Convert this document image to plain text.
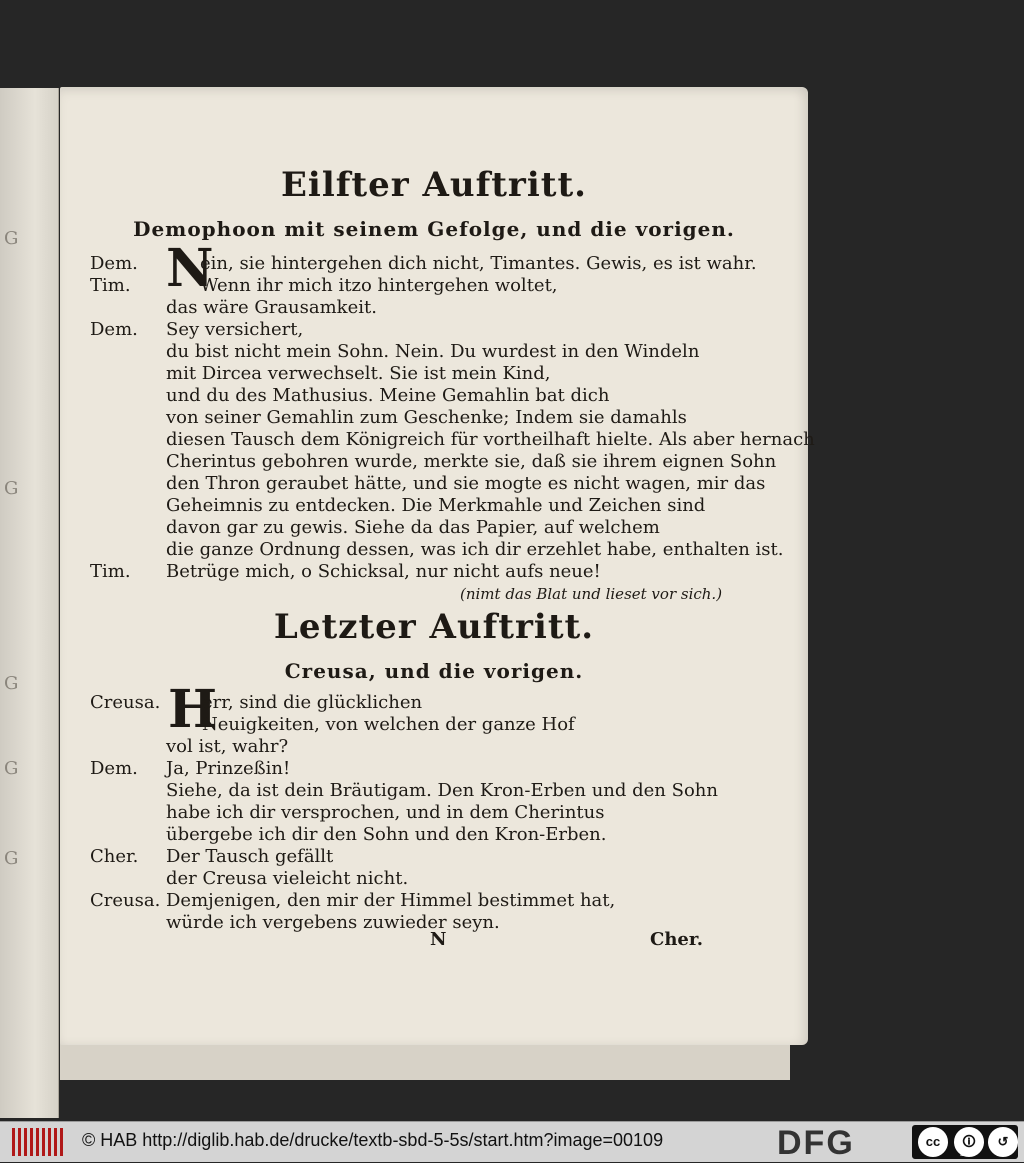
G
G
G
G
G
Eilfter Auftritt.
Demophoon mit seinem Gefolge, und die vorigen.
Dem. N
ein, sie hintergehen dich nicht, Timantes. Gewis, es ist wahr.
Tim.	Wenn ihr mich itzo hintergehen woltet,
das wäre Grausamkeit.
Dem. Sey versichert,
du bist nicht mein Sohn. Nein. Du wurdest in den Windeln
mit Dircea verwechselt. Sie ist mein Kind,
und du des Mathusius. Meine Gemahlin bat dich
von seiner Gemahlin zum Geschenke; Indem sie damahls
diesen Tausch dem Königreich für vortheilhaft hielte. Als aber hernach
Cherintus gebohren wurde, merkte sie, daß sie ihrem eignen Sohn
den Thron geraubet hätte, und sie mogte es nicht wagen, mir das
Geheimnis zu entdecken. Die Merkmahle und Zeichen sind
davon gar zu gewis. Siehe da das Papier, auf welchem
die ganze Ordnung dessen, was ich dir erzehlet habe, enthalten ist.
Tim. Betrüge mich, o Schicksal, nur nicht aufs neue!
(nimt das Blat und lieset vor sich.)
Letzter Auftritt.
Creusa, und die vorigen.
Creusa. H
err, sind die glücklichen
Neuigkeiten, von welchen der ganze Hof
vol ist, wahr?
Dem. Ja, Prinzeßin!
Siehe, da ist dein Bräutigam. Den Kron-Erben und den Sohn
habe ich dir versprochen, und in dem Cherintus
übergebe ich dir den Sohn und den Kron-Erben.
Cher. Der Tausch gefällt
der Creusa vieleicht nicht.
Creusa. Demjenigen, den mir der Himmel bestimmet hat,
würde ich vergebens zuwieder seyn.
N	Cher.
© HAB http://diglib.hab.de/drucke/textb-sbd-5-5s/start.htm?image=00109	DFG	cc	🛈	↺
BY	SA
